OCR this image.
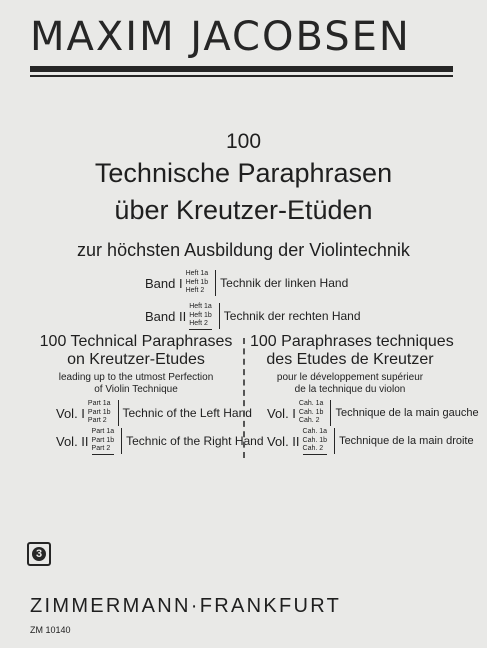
MAXIM JACOBSEN
100
Technische Paraphrasen
über Kreutzer-Etüden
zur höchsten Ausbildung der Violintechnik
Band I
Heft 1a
Heft 1b
Heft 2
Technik der linken Hand
Band II
Heft 1a
Heft 1b
Heft 2
Technik der rechten Hand
100 Technical Paraphrases
on Kreutzer-Etudes
leading up to the utmost Perfection
of Violin Technique
Vol. I
Part 1a
Part 1b
Part 2
Technic of the Left Hand
Vol. II
Part 1a
Part 1b
Part 2
Technic of the Right Hand
100 Paraphrases techniques
des Etudes de Kreutzer
pour le développement supérieur
de la technique du violon
Vol. I
Cah. 1a
Cah. 1b
Cah. 2
Technique de la main gauche
Vol. II
Cah. 1a
Cah. 1b
Cah. 2
Technique de la main droite
3
ZIMMERMANN·FRANKFURT
ZM 10140
